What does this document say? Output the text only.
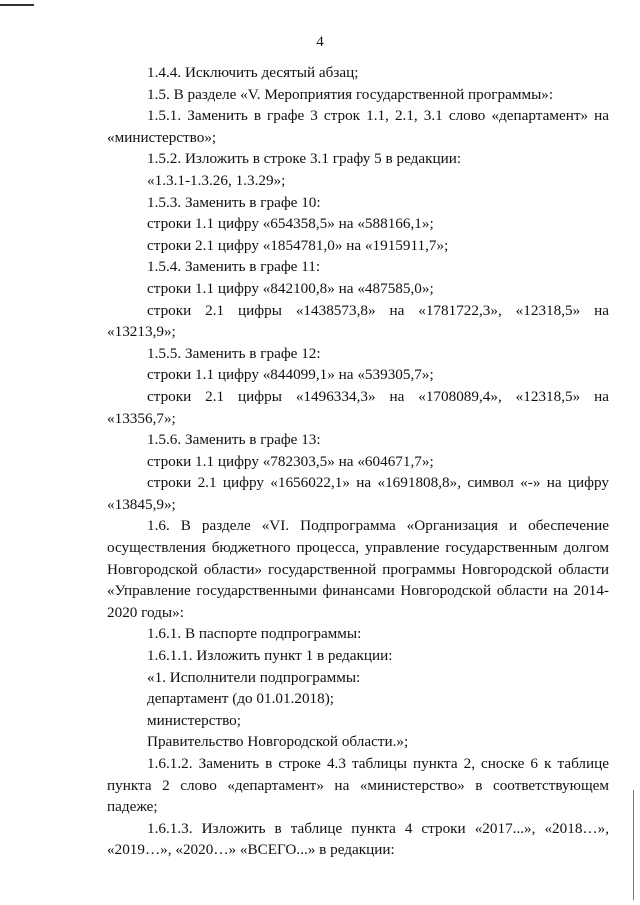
4

1.4.4. Исключить десятый абзац;

1.5. В разделе «V. Мероприятия государственной программы»:

1.5.1. Заменить в графе 3 строк 1.1, 2.1, 3.1 слово «департамент» на «министерство»;

1.5.2. Изложить в строке 3.1 графу 5 в редакции:

«1.3.1-1.3.26, 1.3.29»;

1.5.3. Заменить в графе 10:

строки 1.1 цифру «654358,5» на «588166,1»;

строки 2.1 цифру «1854781,0» на «1915911,7»;

1.5.4. Заменить в графе 11:

строки 1.1 цифру «842100,8» на «487585,0»;

строки 2.1 цифры «1438573,8» на «1781722,3», «12318,5» на «13213,9»;

1.5.5. Заменить в графе 12:

строки 1.1 цифру «844099,1» на «539305,7»;

строки 2.1 цифры «1496334,3» на «1708089,4», «12318,5» на «13356,7»;

1.5.6. Заменить в графе 13:

строки 1.1 цифру «782303,5» на «604671,7»;

строки 2.1 цифру «1656022,1» на «1691808,8», символ «-» на цифру «13845,9»;

1.6. В разделе «VI. Подпрограмма «Организация и обеспечение осуществления бюджетного процесса, управление государственным долгом Новгородской области» государственной программы Новгородской области «Управление государственными финансами Новгородской области на 2014-2020 годы»:

1.6.1. В паспорте подпрограммы:

1.6.1.1. Изложить пункт 1 в редакции:

«1. Исполнители подпрограммы:

департамент (до 01.01.2018);

министерство;

Правительство Новгородской области.»;

1.6.1.2. Заменить в строке 4.3 таблицы пункта 2, сноске 6 к таблице пункта 2 слово «департамент» на «министерство» в соответствующем падеже;

1.6.1.3. Изложить в таблице пункта 4 строки «2017...», «2018…», «2019…», «2020…» «ВСЕГО...» в редакции:
